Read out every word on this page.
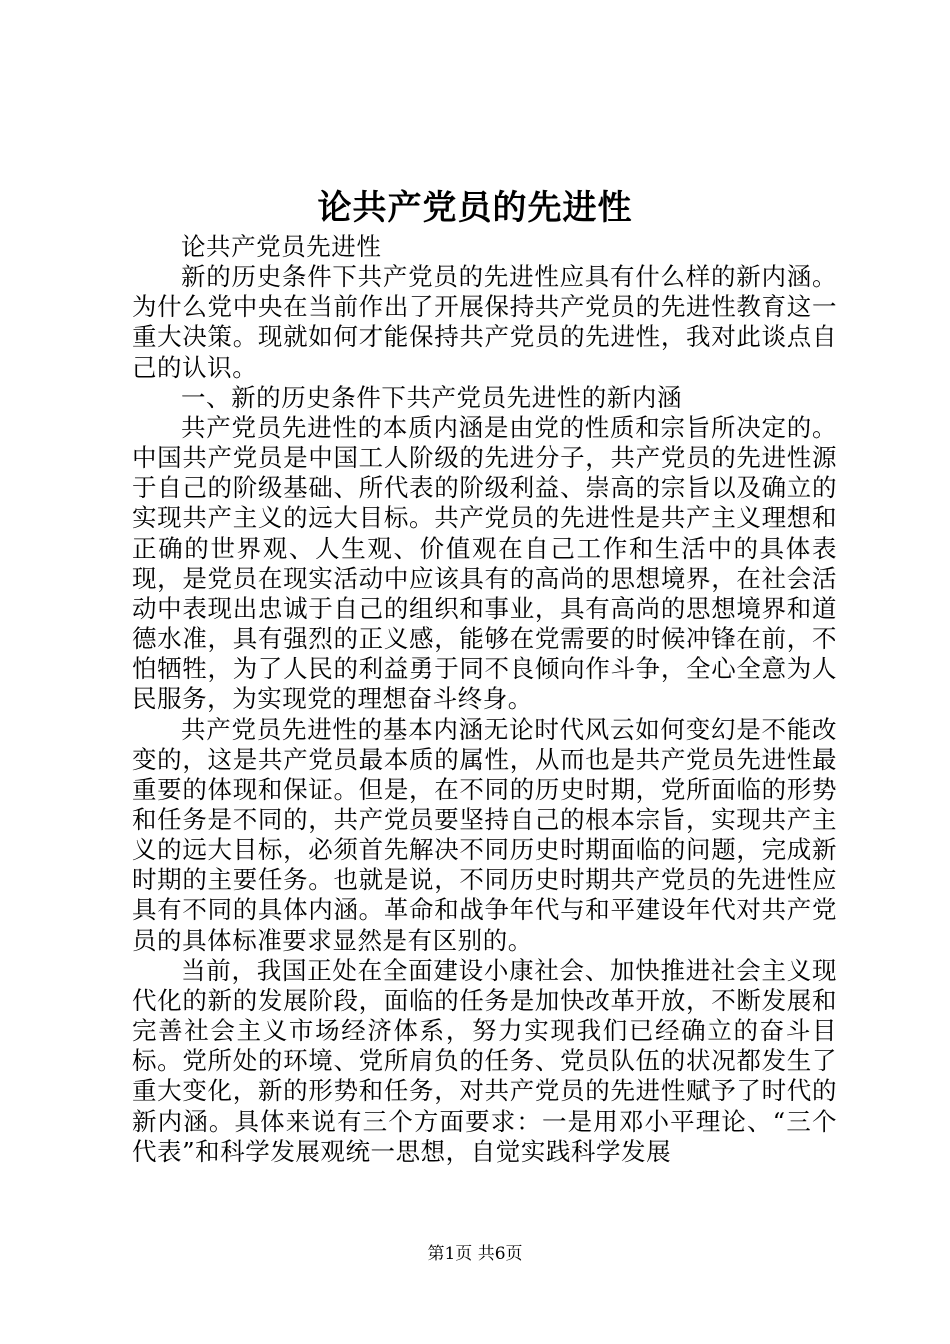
论共产党员的先进性

论共产党员先进性

新的历史条件下共产党员的先进性应具有什么样的新内涵。为什么党中央在当前作出了开展保持共产党员的先进性教育这一重大决策。现就如何才能保持共产党员的先进性，我对此谈点自己的认识。

一、新的历史条件下共产党员先进性的新内涵

共产党员先进性的本质内涵是由党的性质和宗旨所决定的。中国共产党员是中国工人阶级的先进分子，共产党员的先进性源于自己的阶级基础、所代表的阶级利益、崇高的宗旨以及确立的实现共产主义的远大目标。共产党员的先进性是共产主义理想和正确的世界观、人生观、价值观在自己工作和生活中的具体表现，是党员在现实活动中应该具有的高尚的思想境界，在社会活动中表现出忠诚于自己的组织和事业，具有高尚的思想境界和道德水准，具有强烈的正义感，能够在党需要的时候冲锋在前，不怕牺牲，为了人民的利益勇于同不良倾向作斗争，全心全意为人民服务，为实现党的理想奋斗终身。

共产党员先进性的基本内涵无论时代风云如何变幻是不能改变的，这是共产党员最本质的属性，从而也是共产党员先进性最重要的体现和保证。但是，在不同的历史时期，党所面临的形势和任务是不同的，共产党员要坚持自己的根本宗旨，实现共产主义的远大目标，必须首先解决不同历史时期面临的问题，完成新时期的主要任务。也就是说，不同历史时期共产党员的先进性应具有不同的具体内涵。革命和战争年代与和平建设年代对共产党员的具体标准要求显然是有区别的。

当前，我国正处在全面建设小康社会、加快推进社会主义现代化的新的发展阶段，面临的任务是加快改革开放，不断发展和完善社会主义市场经济体系，努力实现我们已经确立的奋斗目标。党所处的环境、党所肩负的任务、党员队伍的状况都发生了重大变化，新的形势和任务，对共产党员的先进性赋予了时代的新内涵。具体来说有三个方面要求：一是用邓小平理论、“三个代表”和科学发展观统一思想，自觉实践科学发展

第1页 共6页
